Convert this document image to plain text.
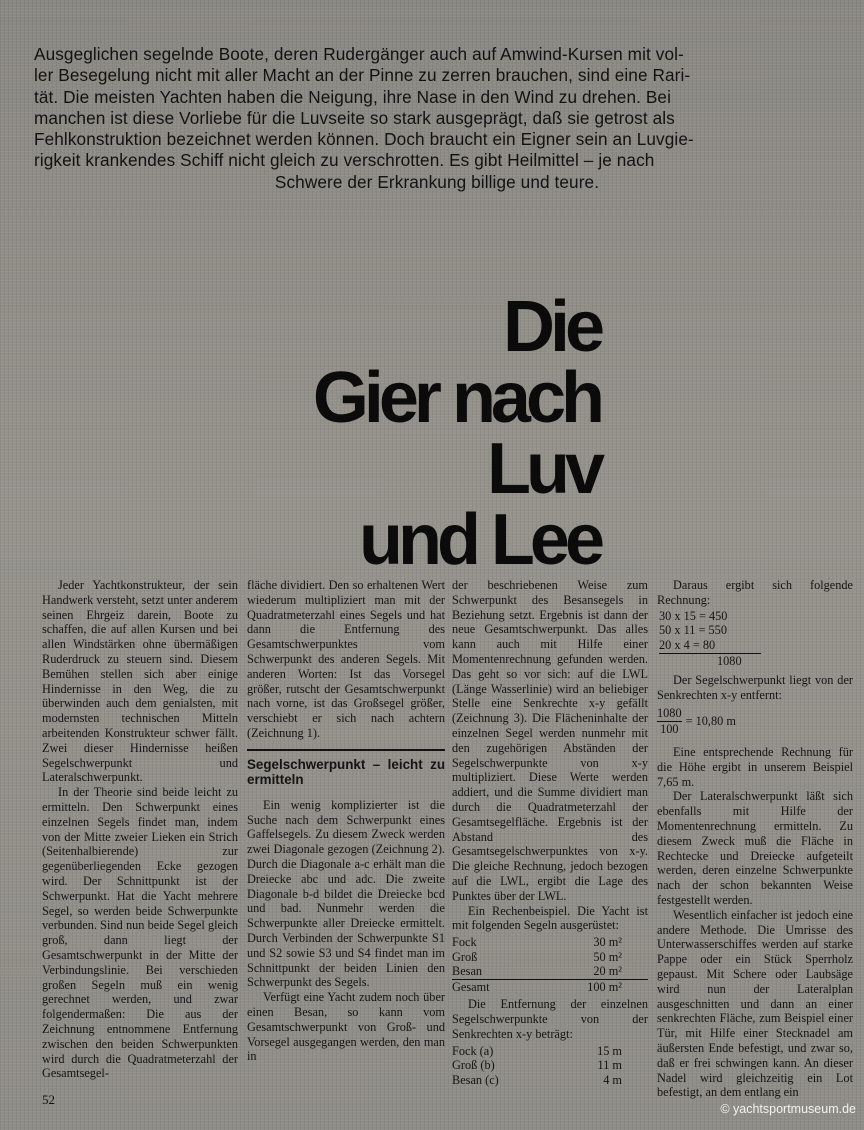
Ausgeglichen segelnde Boote, deren Rudergänger auch auf Amwind-Kursen mit vol-
ler Besegelung nicht mit aller Macht an der Pinne zu zerren brauchen, sind eine Rari-
tät. Die meisten Yachten haben die Neigung, ihre Nase in den Wind zu drehen. Bei
manchen ist diese Vorliebe für die Luvseite so stark ausgeprägt, daß sie getrost als
Fehlkonstruktion bezeichnet werden können. Doch braucht ein Eigner sein an Luvgie-
rigkeit krankendes Schiff nicht gleich zu verschrotten. Es gibt Heilmittel – je nach
Schwere der Erkrankung billige und teure.
Die
Gier nach
Luv
und Lee

Jeder Yachtkonstrukteur, der sein Handwerk versteht, setzt unter anderem seinen Ehrgeiz darein, Boote zu schaffen, die auf allen Kursen und bei allen Windstärken ohne übermäßigen Ruderdruck zu steuern sind. Diesem Bemühen stellen sich aber einige Hindernisse in den Weg, die zu überwinden auch dem genialsten, mit modernsten technischen Mitteln arbeitenden Konstrukteur schwer fällt. Zwei dieser Hindernisse heißen Segelschwerpunkt und Lateralschwerpunkt.

In der Theorie sind beide leicht zu ermitteln. Den Schwerpunkt eines einzelnen Segels findet man, indem von der Mitte zweier Lieken ein Strich (Seitenhalbierende) zur gegenüberliegenden Ecke gezogen wird. Der Schnittpunkt ist der Schwerpunkt. Hat die Yacht mehrere Segel, so werden beide Schwerpunkte verbunden. Sind nun beide Segel gleich groß, dann liegt der Gesamtschwerpunkt in der Mitte der Verbindungslinie. Bei verschieden großen Segeln muß ein wenig gerechnet werden, und zwar folgendermaßen: Die aus der Zeichnung entnommene Entfernung zwischen den beiden Schwerpunkten wird durch die Quadratmeterzahl der Gesamtsegel-

fläche dividiert. Den so erhaltenen Wert wiederum multipliziert man mit der Quadratmeterzahl eines Segels und hat dann die Entfernung des Gesamtschwerpunktes vom Schwerpunkt des anderen Segels. Mit anderen Worten: Ist das Vorsegel größer, rutscht der Gesamtschwerpunkt nach vorne, ist das Großsegel größer, verschiebt er sich nach achtern (Zeichnung 1).

Segelschwerpunkt – leicht zu ermitteln

Ein wenig komplizierter ist die Suche nach dem Schwerpunkt eines Gaffelsegels. Zu diesem Zweck werden zwei Diagonale gezogen (Zeichnung 2). Durch die Diagonale a-c erhält man die Dreiecke abc und adc. Die zweite Diagonale b-d bildet die Dreiecke bcd und bad. Nunmehr werden die Schwerpunkte aller Dreiecke ermittelt. Durch Verbinden der Schwerpunkte S1 und S2 sowie S3 und S4 findet man im Schnittpunkt der beiden Linien den Schwerpunkt des Segels.

Verfügt eine Yacht zudem noch über einen Besan, so kann vom Gesamtschwerpunkt von Groß- und Vorsegel ausgegangen werden, den man in

der beschriebenen Weise zum Schwerpunkt des Besansegels in Beziehung setzt. Ergebnis ist dann der neue Gesamtschwerpunkt. Das alles kann auch mit Hilfe einer Momentenrechnung gefunden werden. Das geht so vor sich: auf die LWL (Länge Wasserlinie) wird an beliebiger Stelle eine Senkrechte x-y gefällt (Zeichnung 3). Die Flächeninhalte der einzelnen Segel werden nunmehr mit den zugehörigen Abständen der Segelschwerpunkte von x-y multipliziert. Diese Werte werden addiert, und die Summe dividiert man durch die Quadratmeterzahl der Gesamtsegelfläche. Ergebnis ist der Abstand des Gesamtsegelschwerpunktes von x-y. Die gleiche Rechnung, jedoch bezogen auf die LWL, ergibt die Lage des Punktes über der LWL.

Ein Rechenbeispiel. Die Yacht ist mit folgenden Segeln ausgerüstet:

Fock	30 m²
Groß	50 m²
Besan	20 m²
Gesamt	100 m²

Die Entfernung der einzelnen Segelschwerpunkte von der Senkrechten x-y beträgt:

Fock (a)	15 m
Groß (b)	11 m
Besan (c)	4 m

Daraus ergibt sich folgende Rechnung:

30 x 15 = 450
50 x 11 = 550
20 x 4 = 80
1080

Der Segelschwerpunkt liegt von der Senkrechten x-y entfernt:

$\frac{1080}{100} = 10,80$ m

Eine entsprechende Rechnung für die Höhe ergibt in unserem Beispiel 7,65 m.

Der Lateralschwerpunkt läßt sich ebenfalls mit Hilfe der Momentenrechnung ermitteln. Zu diesem Zweck muß die Fläche in Rechtecke und Dreiecke aufgeteilt werden, deren einzelne Schwerpunkte nach der schon bekannten Weise festgestellt werden.

Wesentlich einfacher ist jedoch eine andere Methode. Die Umrisse des Unterwasserschiffes werden auf starke Pappe oder ein Stück Sperrholz gepaust. Mit Schere oder Laubsäge wird nun der Lateralplan ausgeschnitten und dann an einer senkrechten Fläche, zum Beispiel einer Tür, mit Hilfe einer Stecknadel am äußersten Ende befestigt, und zwar so, daß er frei schwingen kann. An dieser Nadel wird gleichzeitig ein Lot befestigt, an dem entlang ein

52
© yachtsportmuseum.de
